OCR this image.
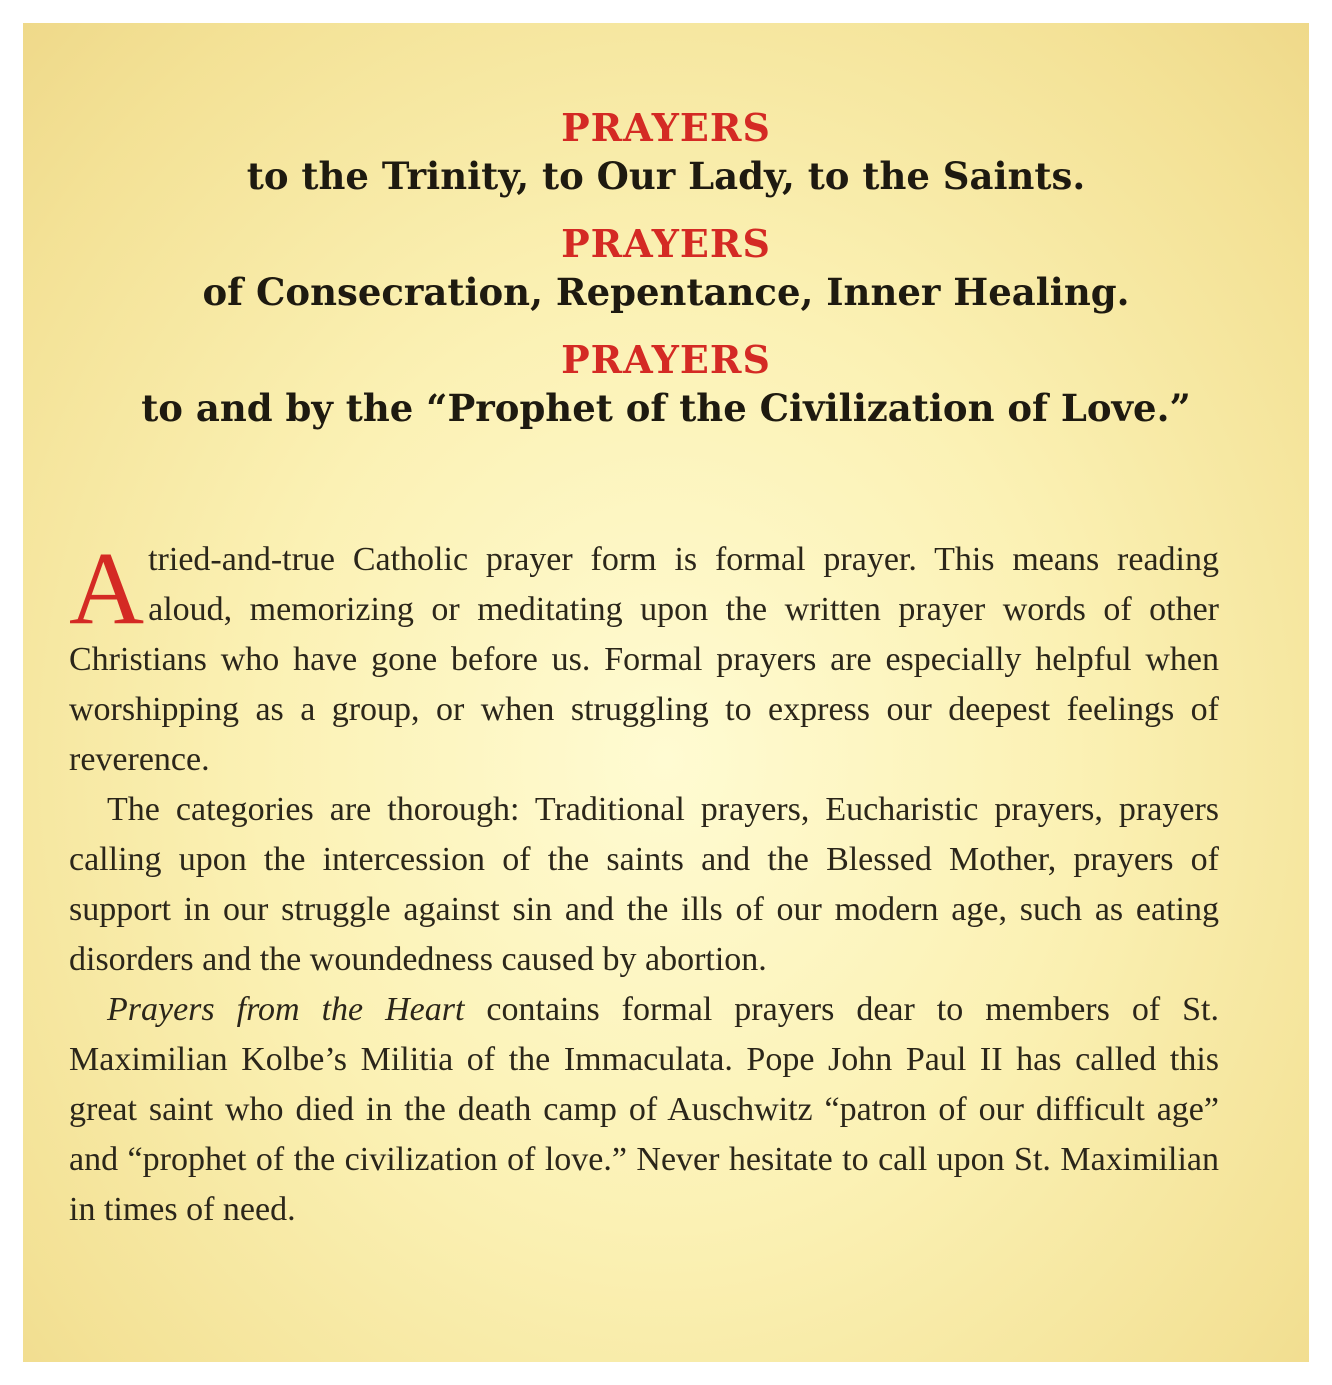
PRAYERS
to the Trinity, to Our Lady, to the Saints.
PRAYERS
of Consecration, Repentance, Inner Healing.
PRAYERS
to and by the “Prophet of the Civilization of Love.”

Atried-and-true Catholic prayer form is formal prayer. This means reading aloud, memorizing or meditating upon the written prayer words of other Christians who have gone before us. Formal prayers are especially helpful when worshipping as a group, or when struggling to express our deepest feelings of reverence.

The categories are thorough: Traditional prayers, Eucharistic prayers, prayers calling upon the intercession of the saints and the Blessed Mother, prayers of support in our struggle against sin and the ills of our modern age, such as eating disorders and the woundedness caused by abortion.

Prayers from the Heart contains formal prayers dear to members of St. Maximilian Kolbe’s Militia of the Immaculata. Pope John Paul II has called this great saint who died in the death camp of Auschwitz “patron of our difficult age” and “prophet of the civilization of love.” Never hesitate to call upon St. Maximilian in times of need.
